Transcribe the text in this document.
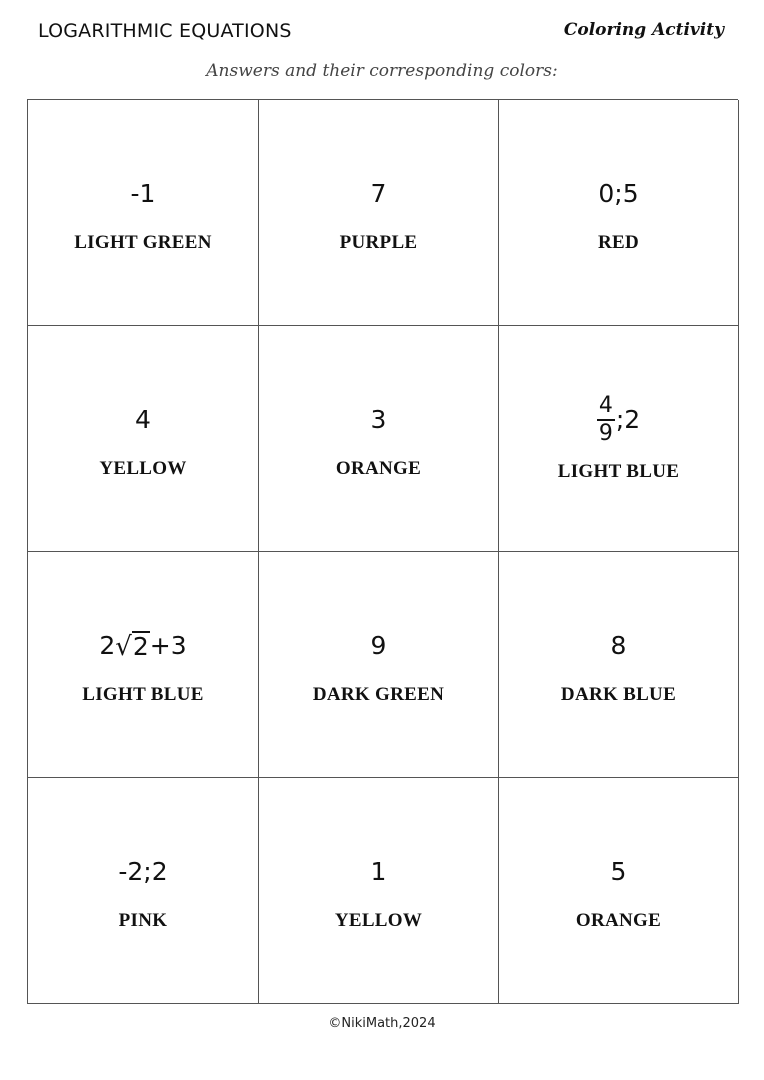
LOGARITHMIC EQUATIONS	Coloring Activity
Answers and their corresponding colors:
-1
LIGHT GREEN
7
PURPLE
0;5
RED
4
YELLOW
3
ORANGE
$\frac{4}{9}$ ;2
LIGHT BLUE
2 √ 2 +3
LIGHT BLUE
9
DARK GREEN
8
DARK BLUE
-2;2
PINK
1
YELLOW
5
ORANGE
©NikiMath,2024
